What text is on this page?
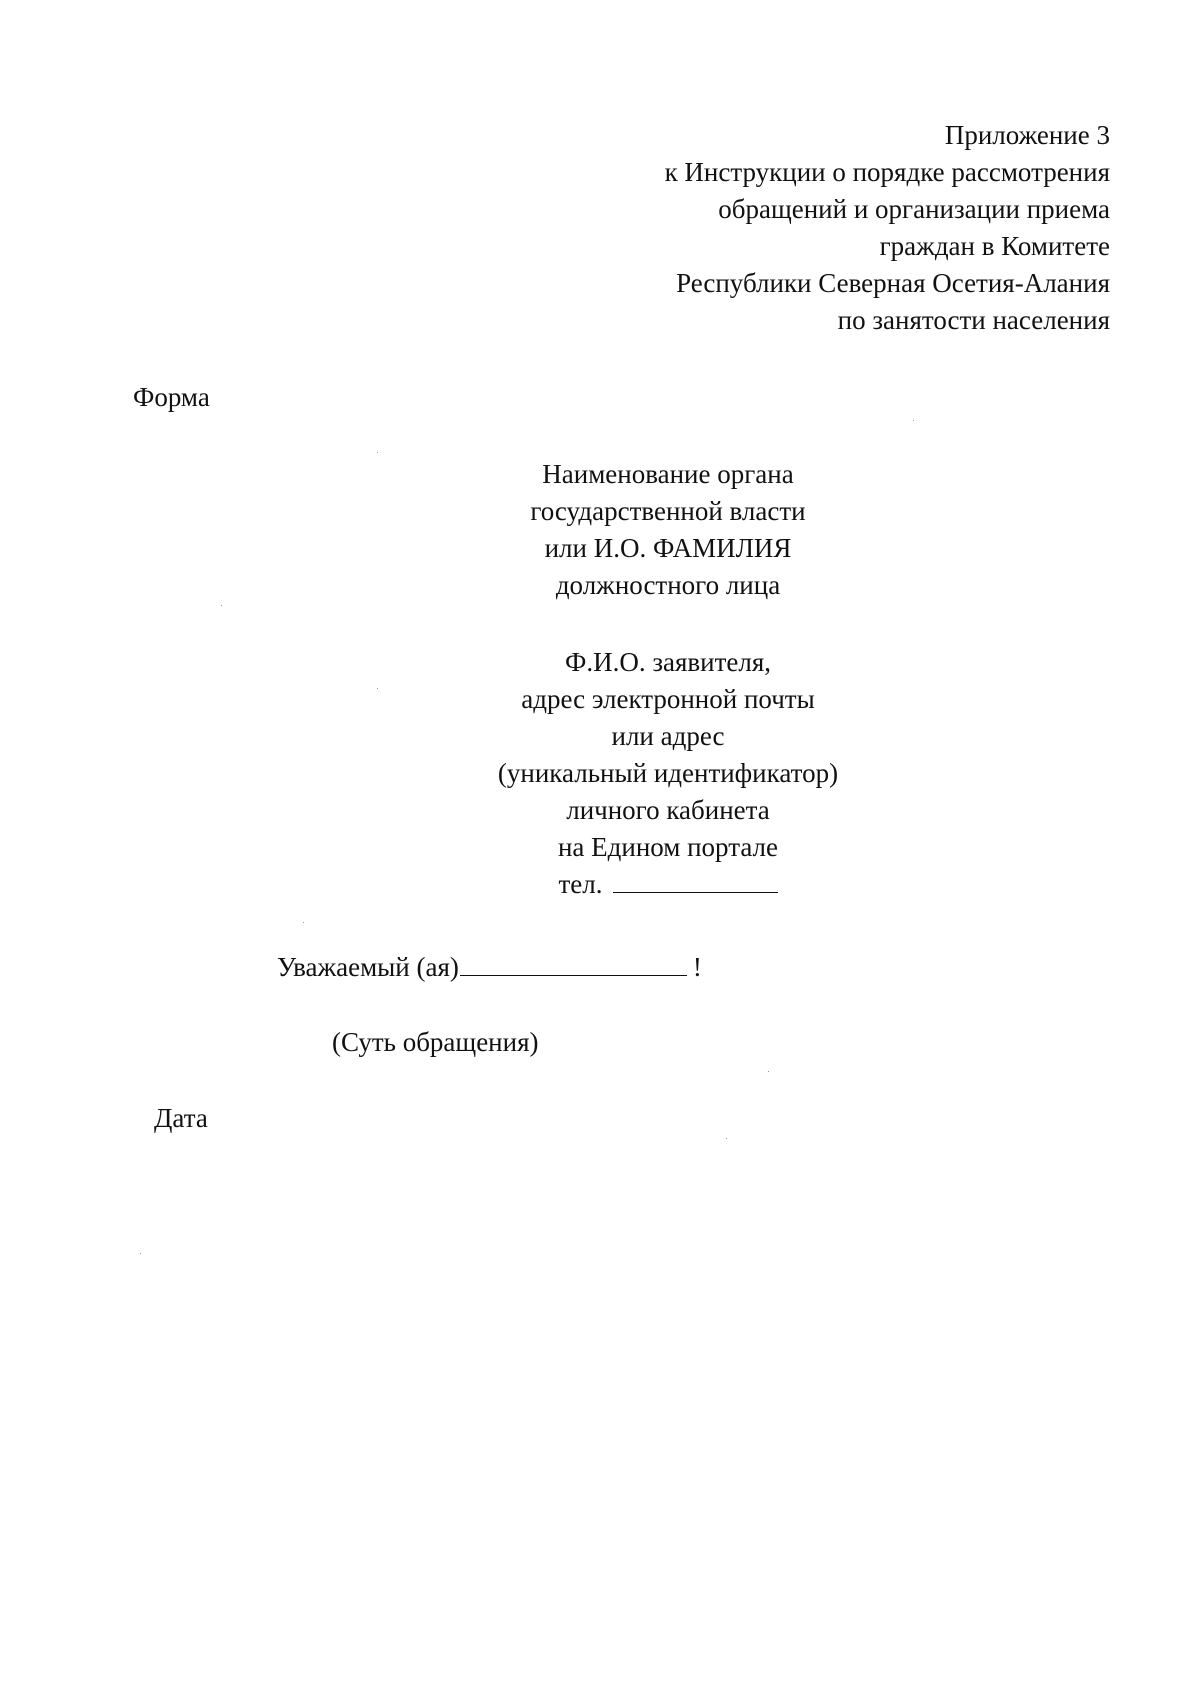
Приложение 3
к Инструкции о порядке рассмотрения
обращений и организации приема
граждан в Комитете
Республики Северная Осетия-Алания
по занятости населения
Форма
Наименование органа
государственной власти
или И.О. ФАМИЛИЯ
должностного лица
Ф.И.О. заявителя,
адрес электронной почты
или адрес
(уникальный идентификатор)
личного кабинета
на Едином портале
тел.
Уважаемый (ая)	!
(Суть обращения)
Дата
